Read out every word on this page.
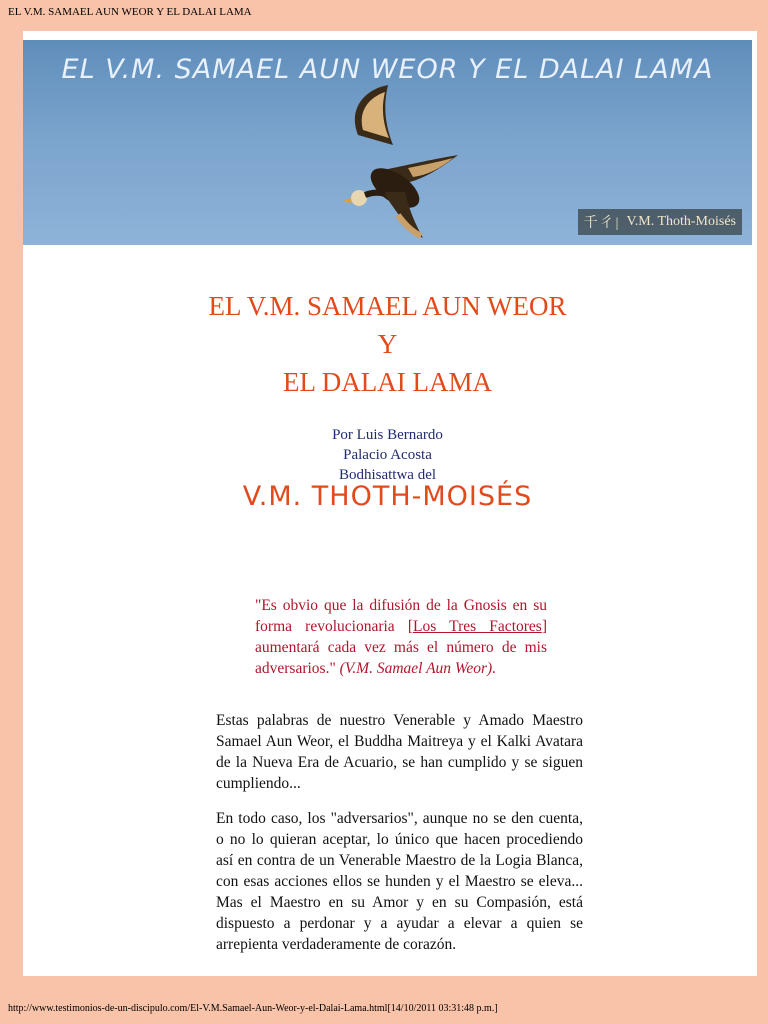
EL V.M. SAMAEL AUN WEOR Y EL DALAI LAMA
EL V.M. SAMAEL AUN WEOR Y EL DALAI LAMA
千彳| V.M. Thoth-Moisés
EL V.M. SAMAEL AUN WEOR
Y
EL DALAI LAMA
Por Luis Bernardo
Palacio Acosta
Bodhisattwa del
V.M. THOTH-MOISÉS
"Es obvio que la difusión de la Gnosis en su forma revolucionaria [Los Tres Factores] aumentará cada vez más el número de mis adversarios." (V.M. Samael Aun Weor).
Estas palabras de nuestro Venerable y Amado Maestro Samael Aun Weor, el Buddha Maitreya y el Kalki Avatara de la Nueva Era de Acuario, se han cumplido y se siguen cumpliendo...
En todo caso, los "adversarios", aunque no se den cuenta, o no lo quieran aceptar, lo único que hacen procediendo así en contra de un Venerable Maestro de la Logia Blanca, con esas acciones ellos se hunden y el Maestro se eleva... Mas el Maestro en su Amor y en su Compasión, está dispuesto a perdonar y a ayudar a elevar a quien se arrepienta verdaderamente de corazón.
http://www.testimonios-de-un-discipulo.com/El-V.M.Samael-Aun-Weor-y-el-Dalai-Lama.html[14/10/2011 03:31:48 p.m.]
